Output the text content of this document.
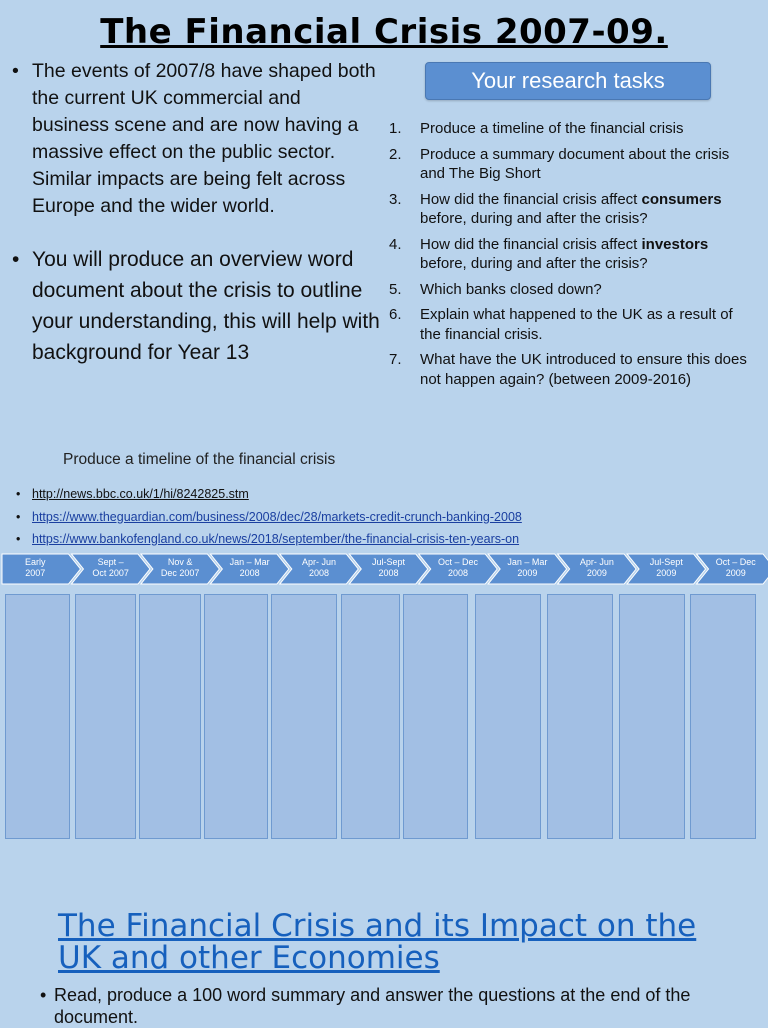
The Financial Crisis 2007-09.
• The events of 2007/8 have shaped both the current UK commercial and business scene and are now having a massive effect on the public sector. Similar impacts are being felt across Europe and the wider world.
• You will produce an overview word document about the crisis to outline your understanding, this will help with background for Year 13
Your research tasks
1. Produce a timeline of the financial crisis
2. Produce a summary document about the crisis and The Big Short
3. How did the financial crisis affect consumers before, during and after the crisis?
4. How did the financial crisis affect investors before, during and after the crisis?
5. Which banks closed down?
6. Explain what happened to the UK as a result of the financial crisis.
7. What have the UK introduced to ensure this does not happen again? (between 2009-2016)
Produce a timeline of the financial crisis
• http://news.bbc.co.uk/1/hi/8242825.stm
• https://www.theguardian.com/business/2008/dec/28/markets-credit-crunch-banking-2008
• https://www.bankofengland.co.uk/news/2018/september/the-financial-crisis-ten-years-on
Early
2007
Sept –
Oct 2007
Nov &
Dec 2007
Jan – Mar
2008
Apr- Jun
2008
Jul-Sept
2008
Oct – Dec
2008
Jan – Mar
2009
Apr- Jun
2009
Jul-Sept
2009
Oct – Dec
2009
The Financial Crisis and its Impact on the UK and other Economies
• Read, produce a 100 word summary and answer the questions at the end of the document.
